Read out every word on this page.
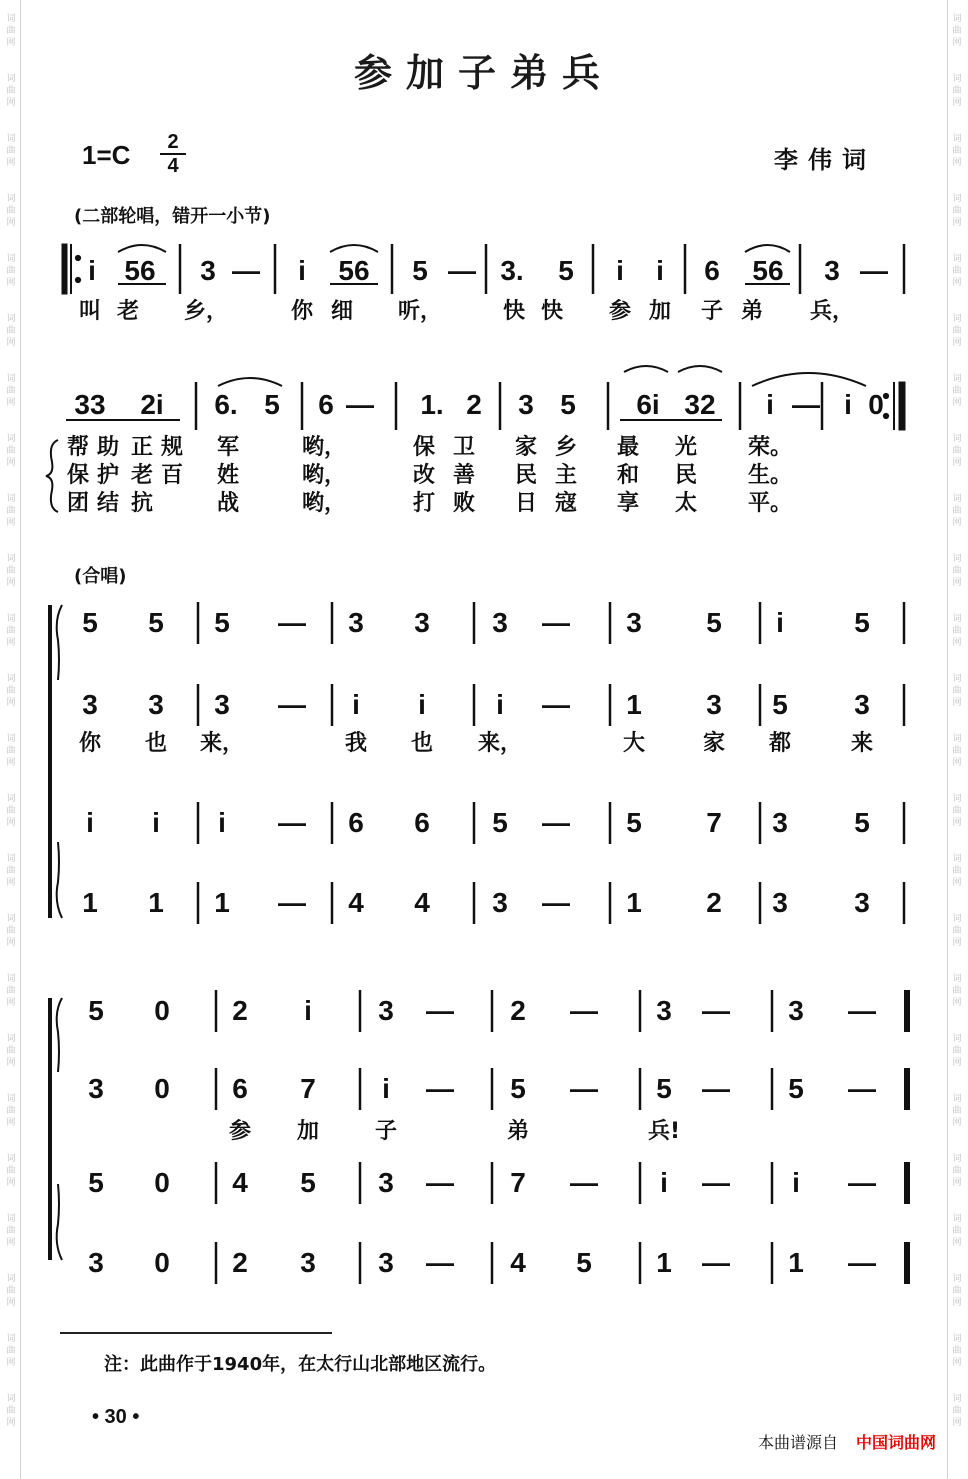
词
曲
网
词
曲
网
词
曲
网
词
曲
网
词
曲
网
词
曲
网
词
曲
网
词
曲
网
词
曲
网
词
曲
网
词
曲
网
词
曲
网
词
曲
网
词
曲
网
词
曲
网
词
曲
网
词
曲
网
词
曲
网
词
曲
网
词
曲
网
词
曲
网
词
曲
网
词
曲
网
词
曲
网
词
曲
网
词
曲
网
词
曲
网
词
曲
网
词
曲
网
词
曲
网
词
曲
网
词
曲
网
词
曲
网
词
曲
网
词
曲
网
词
曲
网
词
曲
网
词
曲
网
词
曲
网
词
曲
网
词
曲
网
词
曲
网
词
曲
网
词
曲
网
词
曲
网
词
曲
网
词
曲
网
词
曲
网
参加子弟兵
1=C	2
4	李伟词
(二部轮唱，错开一小节)
(合唱)
i 56 3 — i 56 5 — 3. 5 i i 6 56 3 —
叫 老 乡，	你 细 听，	快 快 参 加 子 弟 兵，
33 2i 6. 5 6 — 1. 2 3 5 6i 32 i — i 0
帮 助 正 规 军	哟，	保 卫 家 乡 最 光 荣。
保 护 老 百 姓	哟，	改 善 民 主 和 民 生。
团 结 抗	战	哟，	打 败 日 寇 享 太 平。
5 5 5 — 3 3 3 — 3 5 i	5
3 3 3 — i i	i — 1 3 5 3
i i i — 6 6 5 — 5 7 3 5
1 1 1 — 4 4 3 — 1 2 3 3
你 也 来，	我 也 来，	大	家 都	来
5 0 2 i 3 — 2 — 3 — 3 —
3 0 6 7 i — 5 — 5 — 5 —
5 0 4 5 3 — 7 — i — i —
3 0 2 3 3 — 4 5 1 — 1 —
参 加	子	弟	兵!
注：此曲作于1940年，在太行山北部地区流行。
• 30 •
本曲谱源自 中国词曲网
